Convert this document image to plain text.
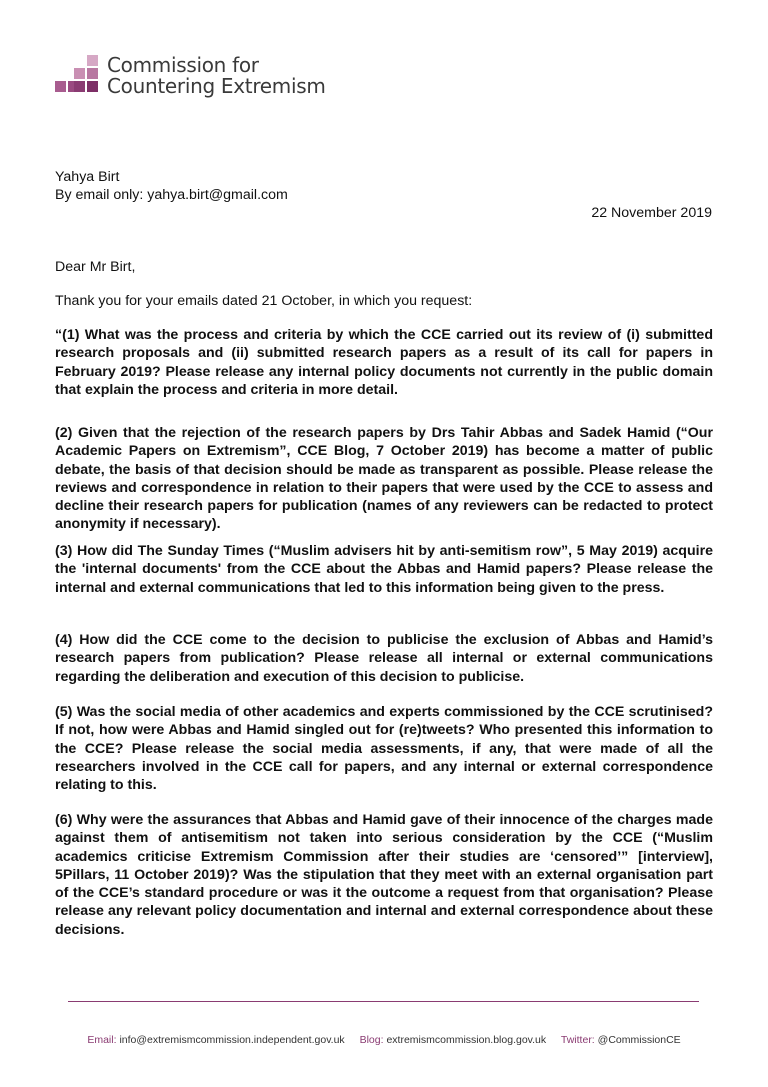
Commission for
Countering Extremism
Yahya Birt
By email only: yahya.birt@gmail.com
22 November 2019
Dear Mr Birt,
Thank you for your emails dated 21 October, in which you request:

“(1) What was the process and criteria by which the CCE carried out its review of (i) submitted research proposals and (ii) submitted research papers as a result of its call for papers in February 2019? Please release any internal policy documents not currently in the public domain that explain the process and criteria in more detail.

(2) Given that the rejection of the research papers by Drs Tahir Abbas and Sadek Hamid (“Our Academic Papers on Extremism”, CCE Blog, 7 October 2019) has become a matter of public debate, the basis of that decision should be made as transparent as possible. Please release the reviews and correspondence in relation to their papers that were used by the CCE to assess and decline their research papers for publication (names of any reviewers can be redacted to protect anonymity if necessary).

(3) How did The Sunday Times (“Muslim advisers hit by anti-semitism row”, 5 May 2019) acquire the 'internal documents' from the CCE about the Abbas and Hamid papers? Please release the internal and external communications that led to this information being given to the press.

(4) How did the CCE come to the decision to publicise the exclusion of Abbas and Hamid’s research papers from publication? Please release all internal or external communications regarding the deliberation and execution of this decision to publicise.

(5) Was the social media of other academics and experts commissioned by the CCE scrutinised? If not, how were Abbas and Hamid singled out for (re)tweets? Who presented this information to the CCE? Please release the social media assessments, if any, that were made of all the researchers involved in the CCE call for papers, and any internal or external correspondence relating to this.

(6) Why were the assurances that Abbas and Hamid gave of their innocence of the charges made against them of antisemitism not taken into serious consideration by the CCE (“Muslim academics criticise Extremism Commission after their studies are ‘censored’” [interview], 5Pillars, 11 October 2019)? Was the stipulation that they meet with an external organisation part of the CCE’s standard procedure or was it the outcome a request from that organisation? Please release any relevant policy documentation and internal and external correspondence about these decisions.

Email: info@extremismcommission.independent.gov.uk Blog: extremismcommission.blog.gov.uk Twitter: @CommissionCE
